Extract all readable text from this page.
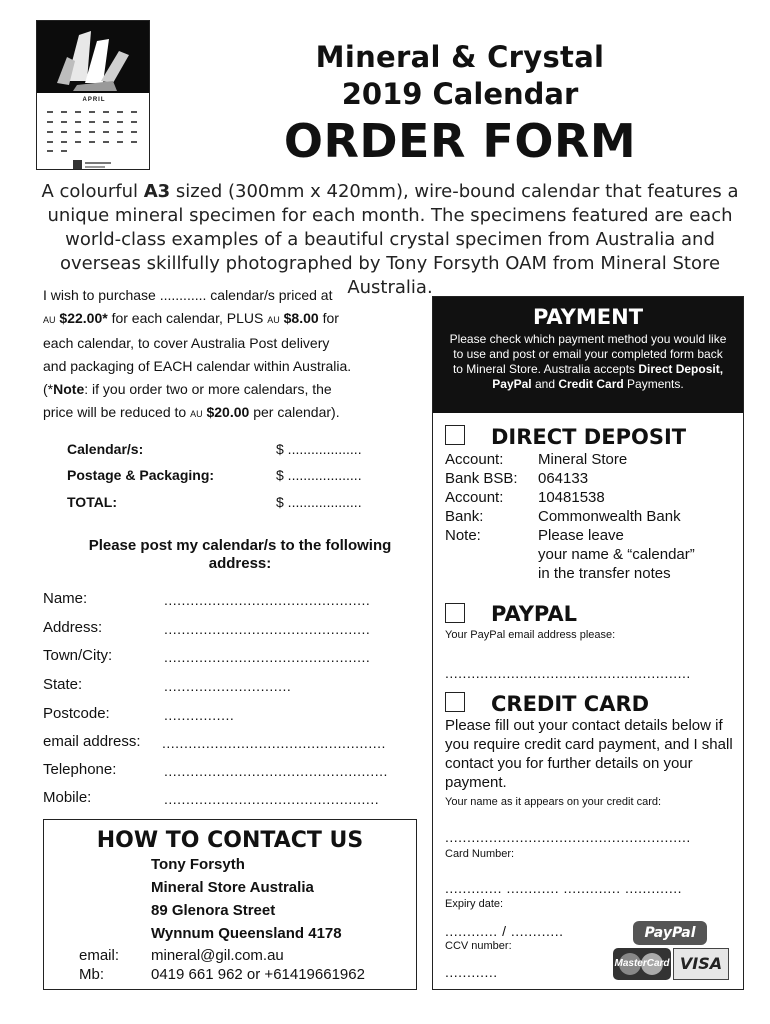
APRIL
Mineral & Crystal
2019 Calendar
ORDER FORM
A colourful A3 sized (300mm x 420mm), wire-bound calendar that features a unique mineral specimen for each month. The specimens featured are each world-class examples of a beautiful crystal specimen from Australia and overseas skillfully photographed by Tony Forsyth OAM from Mineral Store Australia.
I wish to purchase ............ calendar/s priced at
AU $22.00* for each calendar, PLUS AU $8.00 for
each calendar, to cover Australia Post delivery
and packaging of EACH calendar within Australia.
(*Note: if you order two or more calendars, the
price will be reduced to AU $20.00 per calendar).
Calendar/s:	$ ...................
Postage & Packaging:	$ ...................
TOTAL:	$ ...................
Please post my calendar/s to the following address:
Name:	...............................................
Address:	...............................................
Town/City:	...............................................
State:	.............................
Postcode:	................
email address: ...................................................
Telephone:	...................................................
Mobile:	.................................................
HOW TO CONTACT US
Tony Forsyth
Mineral Store Australia
89 Glenora Street
Wynnum Queensland 4178
email: mineral@gil.com.au
Mb:	0419 661 962 or +61419661962
PAYMENT
Please check which payment method you would like to use and post or email your completed form back to Mineral Store. Australia accepts Direct Deposit, PayPal and Credit Card Payments.
DIRECT DEPOSIT
Account: Mineral Store
Bank BSB: 064133
Account: 10481538
Bank:	Commonwealth Bank
Note:	Please leave
your name & “calendar”
in the transfer notes
PAYPAL
Your PayPal email address please:
........................................................
CREDIT CARD
Please fill out your contact details below if you require credit card payment, and I shall contact you for further details on your payment.
Your name as it appears on your credit card:
........................................................
Card Number:
............. ............ ............. .............
Expiry date:
............ / ............
CCV number:
............
PayPal
MasterCard VISA
